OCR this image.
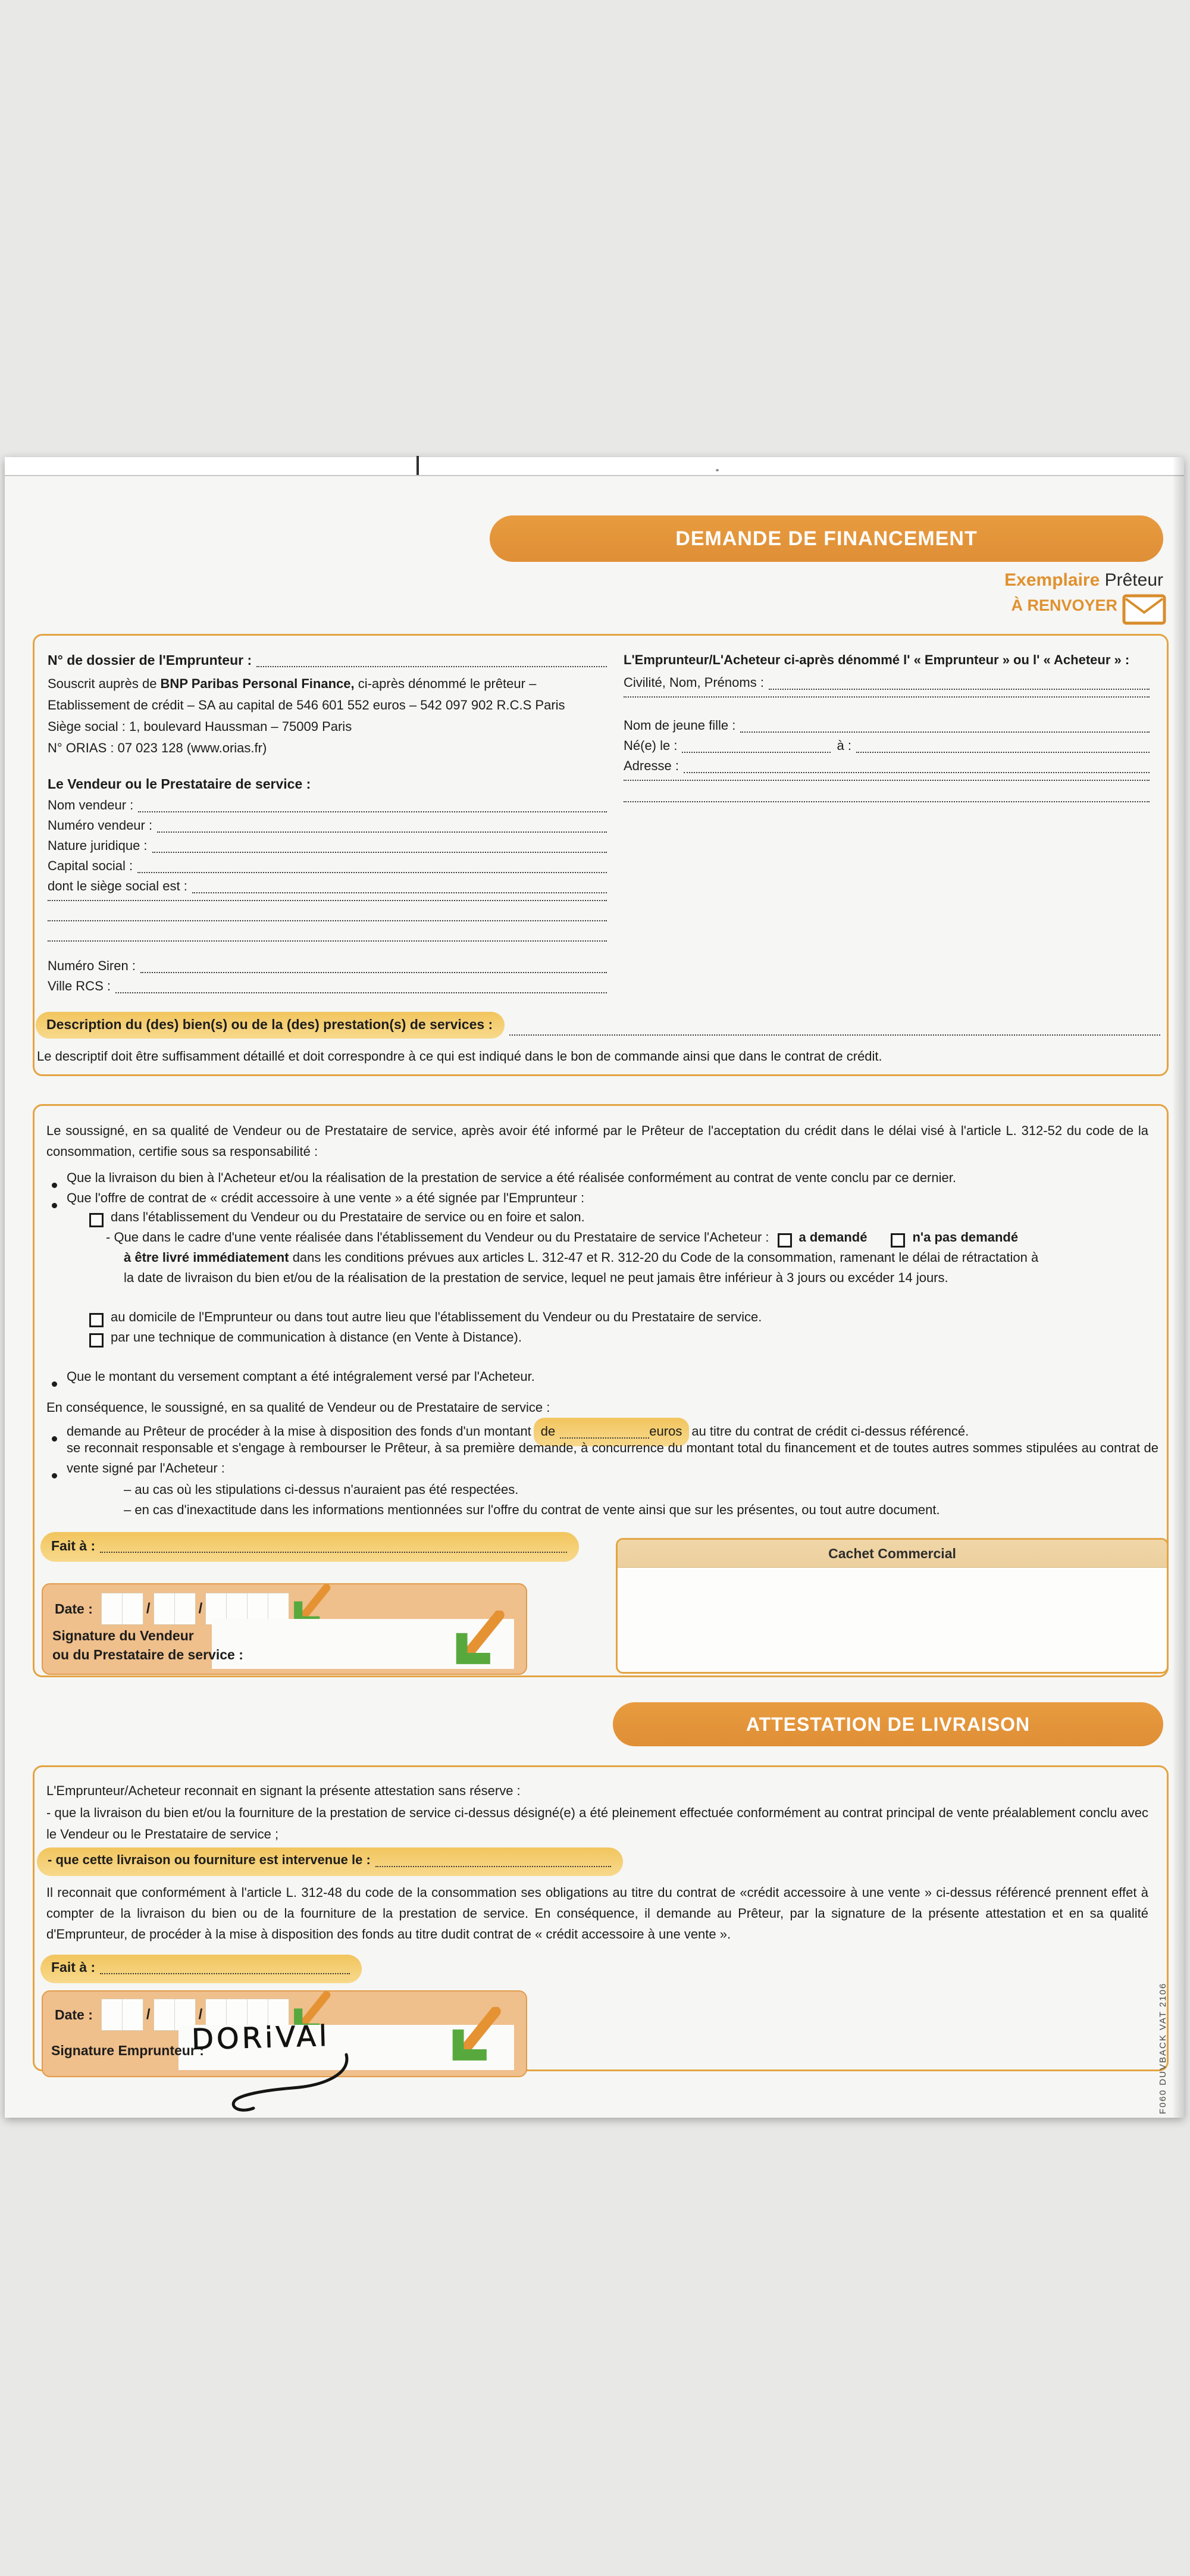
DEMANDE DE FINANCEMENT
Exemplaire Prêteur
À RENVOYER
N° de dossier de l'Emprunteur :
Souscrit auprès de BNP Paribas Personal Finance, ci-après dénommé le prêteur –
Etablissement de crédit – SA au capital de 546 601 552 euros – 542 097 902 R.C.S Paris
Siège social : 1, boulevard Haussman – 75009 Paris
N° ORIAS : 07 023 128 (www.orias.fr)
Le Vendeur ou le Prestataire de service :
Nom vendeur :
Numéro vendeur :
Nature juridique :
Capital social :
dont le siège social est :
Numéro Siren :
Ville RCS :
L'Emprunteur/L'Acheteur ci-après dénommé l' « Emprunteur » ou l' « Acheteur » :
Civilité, Nom, Prénoms :
Nom de jeune fille :
Né(e) le :	à :
Adresse :
Description du (des) bien(s) ou de la (des) prestation(s) de services :
Le descriptif doit être suffisamment détaillé et doit correspondre à ce qui est indiqué dans le bon de commande ainsi que dans le contrat de crédit.
Le soussigné, en sa qualité de Vendeur ou de Prestataire de service, après avoir été informé par le Prêteur de l'acceptation du crédit dans le délai visé à l'article L. 312-52 du code de la consommation, certifie sous sa responsabilité :
Que la livraison du bien à l'Acheteur et/ou la réalisation de la prestation de service a été réalisée conformément au contrat de vente conclu par ce dernier.
Que l'offre de contrat de « crédit accessoire à une vente » a été signée par l'Emprunteur :
dans l'établissement du Vendeur ou du Prestataire de service ou en foire et salon.
- Que dans le cadre d'une vente réalisée dans l'établissement du Vendeur ou du Prestataire de service l'Acheteur : a demandé	n'a pas demandé
à être livré immédiatement dans les conditions prévues aux articles L. 312-47 et R. 312-20 du Code de la consommation, ramenant le délai de rétractation à
la date de livraison du bien et/ou de la réalisation de la prestation de service, lequel ne peut jamais être inférieur à 3 jours ou excéder 14 jours.
au domicile de l'Emprunteur ou dans tout autre lieu que l'établissement du Vendeur ou du Prestataire de service.
par une technique de communication à distance (en Vente à Distance).
Que le montant du versement comptant a été intégralement versé par l'Acheteur.
En conséquence, le soussigné, en sa qualité de Vendeur ou de Prestataire de service :
demande au Prêteur de procéder à la mise à disposition des fonds d'un montant de	euros au titre du contrat de crédit ci-dessus référencé.
se reconnait responsable et s'engage à rembourser le Prêteur, à sa première demande, à concurrence du montant total du financement et de toutes autres sommes stipulées au contrat de vente signé par l'Acheteur :
– au cas où les stipulations ci-dessus n'auraient pas été respectées.
– en cas d'inexactitude dans les informations mentionnées sur l'offre du contrat de vente ainsi que sur les présentes, ou tout autre document.
Fait à :
Date :	/	/
Signature du Vendeur
ou du Prestataire de service :
Cachet Commercial
ATTESTATION DE LIVRAISON
L'Emprunteur/Acheteur reconnait en signant la présente attestation sans réserve :
- que la livraison du bien et/ou la fourniture de la prestation de service ci-dessus désigné(e) a été pleinement effectuée conformément au contrat principal de vente préalablement conclu avec le Vendeur ou le Prestataire de service ;
- que cette livraison ou fourniture est intervenue le :
Il reconnait que conformément à l'article L. 312-48 du code de la consommation ses obligations au titre du contrat de «crédit accessoire à une vente » ci-dessus référencé prennent effet à compter de la livraison du bien ou de la fourniture de la prestation de service. En conséquence, il demande au Prêteur, par la signature de la présente attestation et en sa qualité d'Emprunteur, de procéder à la mise à disposition des fonds au titre dudit contrat de « crédit accessoire à une vente ».
Fait à :
Date :	/	/
Signature Emprunteur :
DORiVAl	F060 DUVBACK VAT 2106
